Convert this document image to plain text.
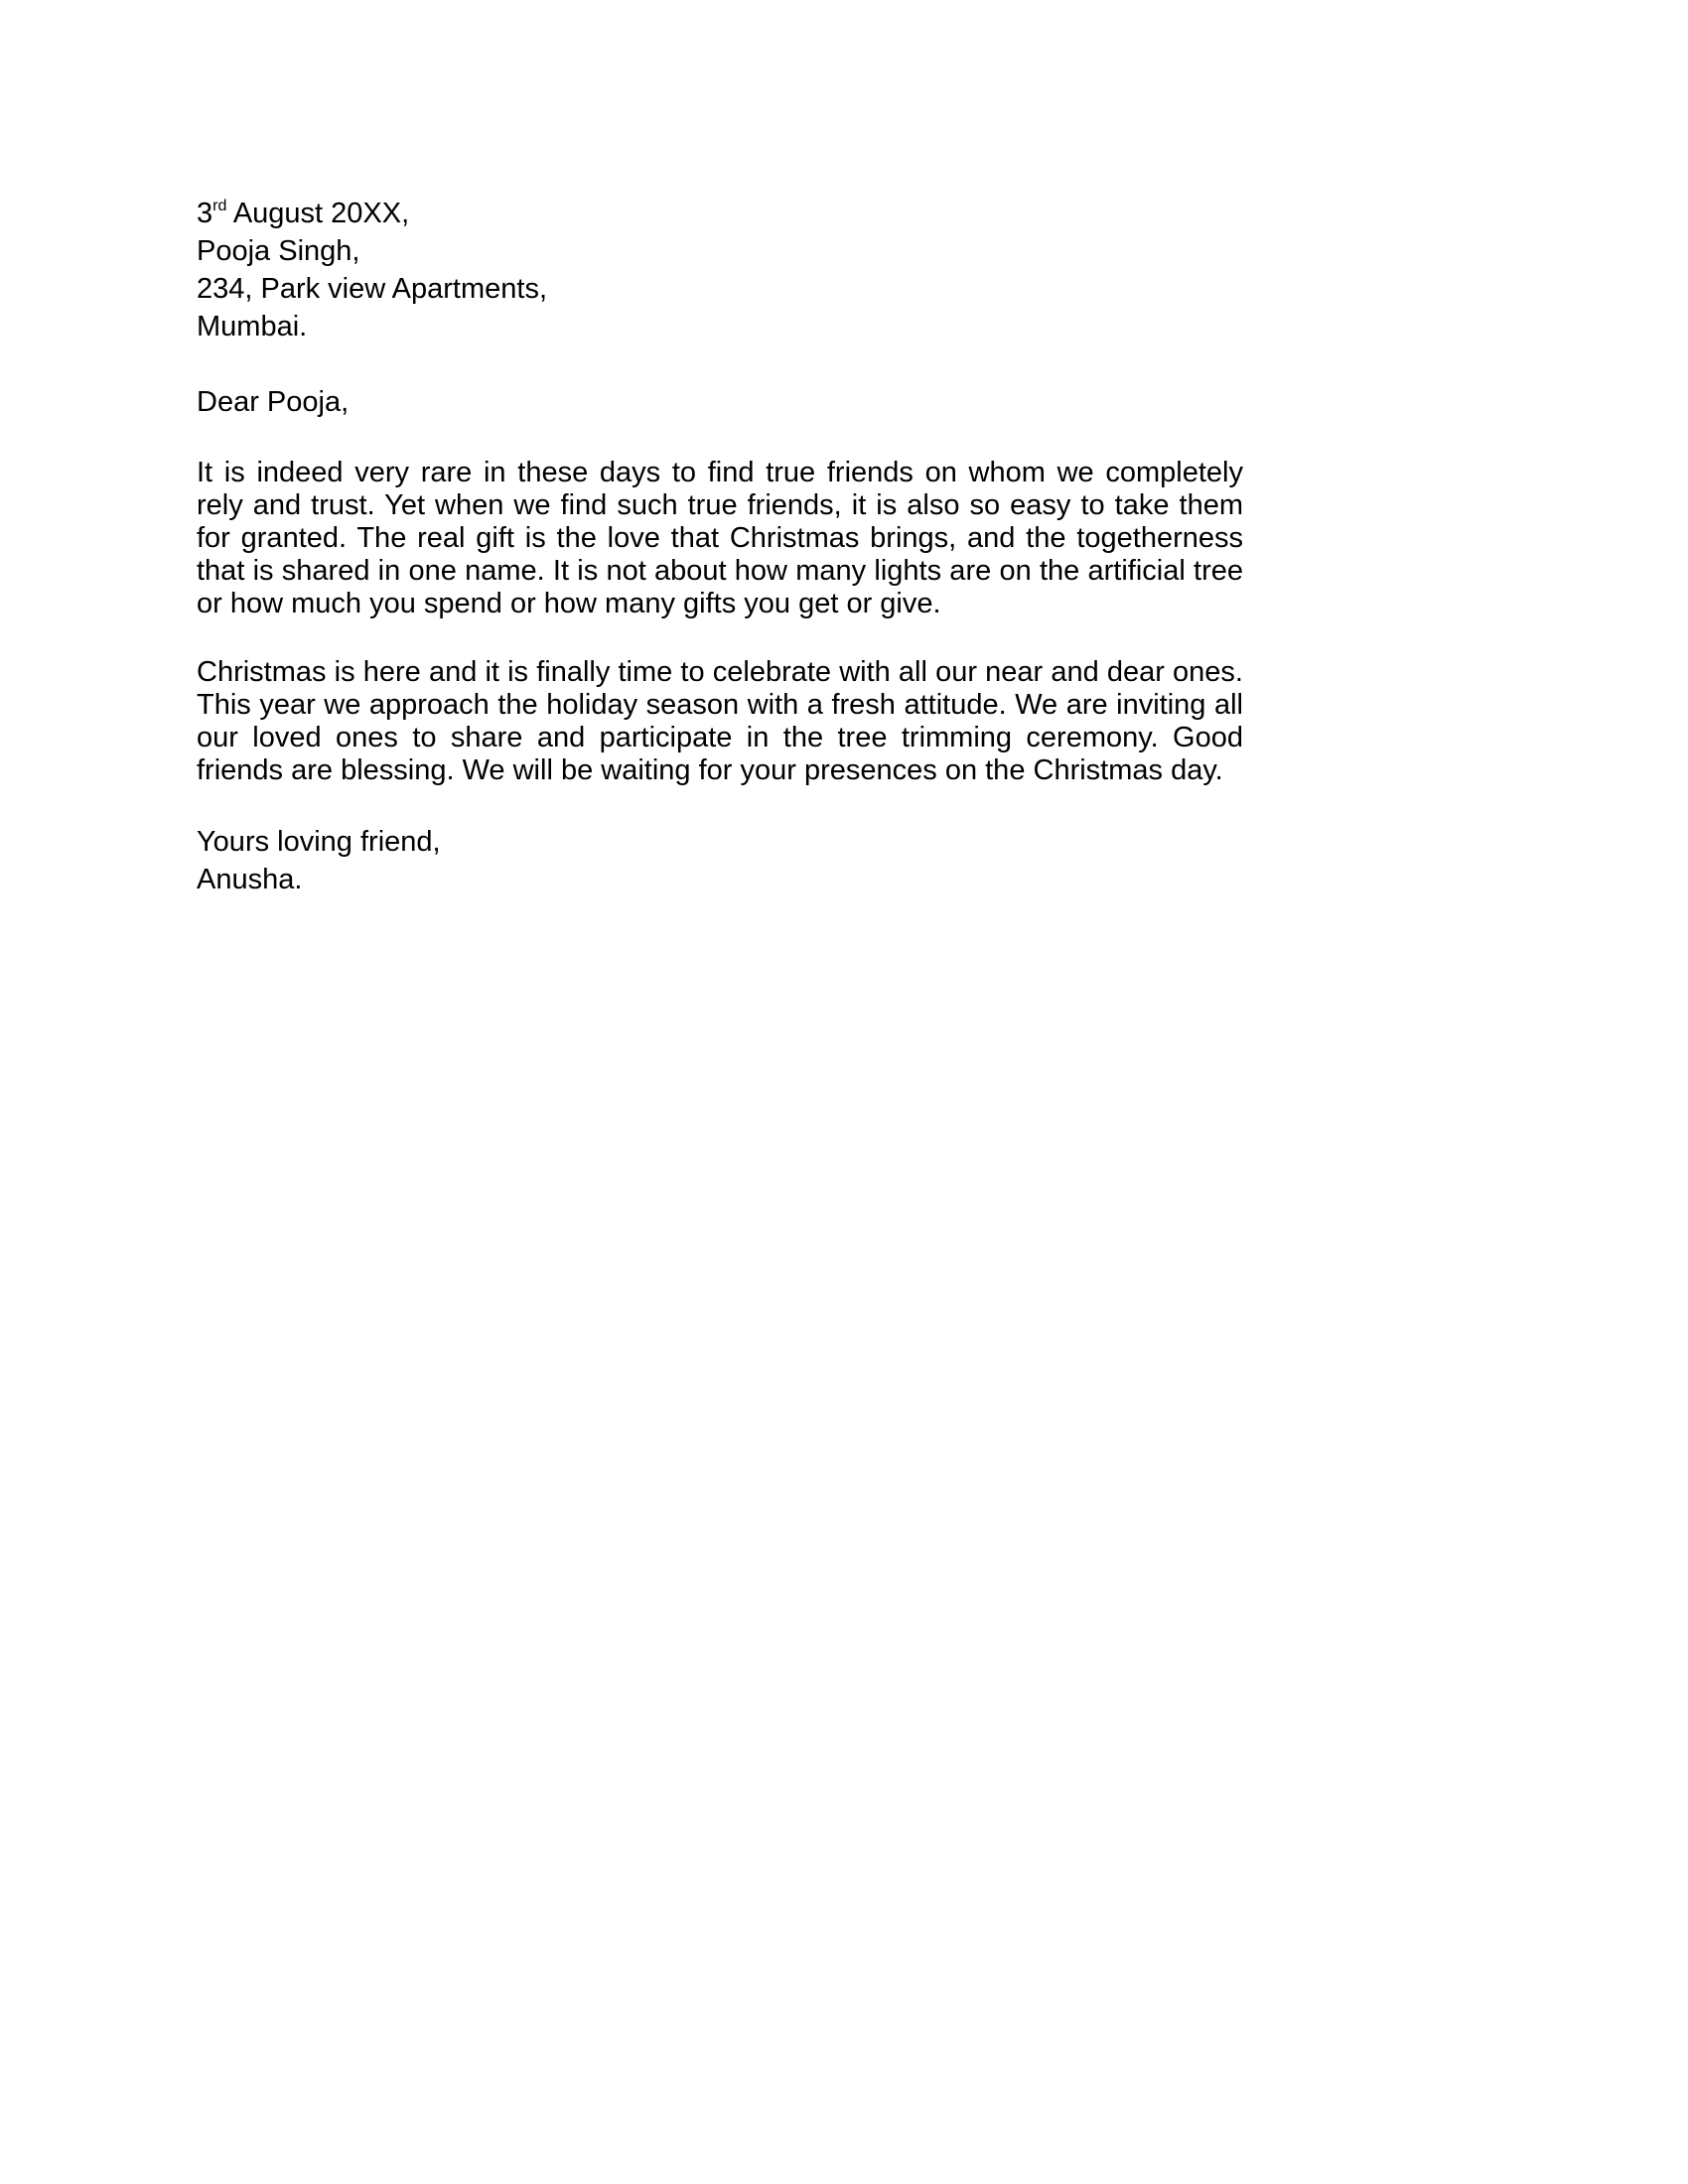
3rd August 20XX,
Pooja Singh,
234, Park view Apartments,
Mumbai.
Dear Pooja,

It is indeed very rare in these days to find true friends on whom we completely rely and trust. Yet when we find such true friends, it is also so easy to take them for granted. The real gift is the love that Christmas brings, and the togetherness that is shared in one name. It is not about how many lights are on the artificial tree or how much you spend or how many gifts you get or give.

Christmas is here and it is finally time to celebrate with all our near and dear ones. This year we approach the holiday season with a fresh attitude. We are inviting all our loved ones to share and participate in the tree trimming ceremony. Good friends are blessing. We will be waiting for your presences on the Christmas day.

Yours loving friend,
Anusha.
